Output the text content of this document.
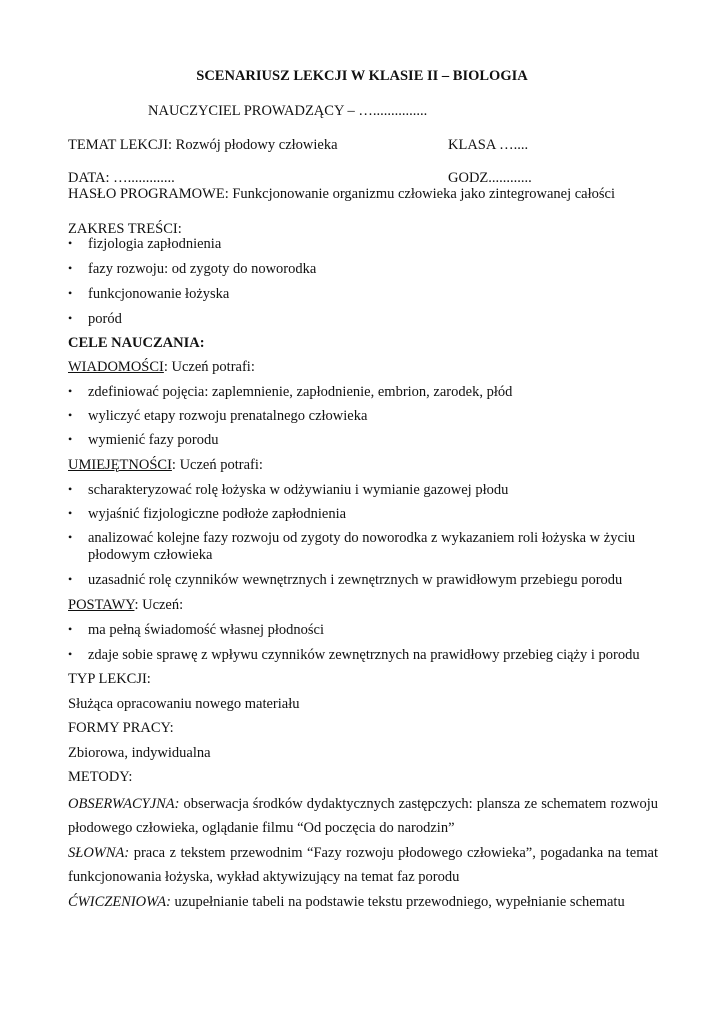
SCENARIUSZ LEKCJI W KLASIE II – BIOLOGIA
NAUCZYCIEL PROWADZĄCY – …...............
TEMAT LEKCJI: Rozwój płodowy człowieka	KLASA …....
DATA: ….............	GODZ............
HASŁO PROGRAMOWE: Funkcjonowanie organizmu człowieka jako zintegrowanej całości
ZAKRES TREŚCI:
• fizjologia zapłodnienia
• fazy rozwoju: od zygoty do noworodka
• funkcjonowanie łożyska
• poród
CELE NAUCZANIA:
WIADOMOŚCI: Uczeń potrafi:
• zdefiniować pojęcia: zaplemnienie, zapłodnienie, embrion, zarodek, płód
• wyliczyć etapy rozwoju prenatalnego człowieka
• wymienić fazy porodu
UMIEJĘTNOŚCI: Uczeń potrafi:
• scharakteryzować rolę łożyska w odżywianiu i wymianie gazowej płodu
• wyjaśnić fizjologiczne podłoże zapłodnienia
• analizować kolejne fazy rozwoju od zygoty do noworodka z wykazaniem roli łożyska w życiu płodowym człowieka
• uzasadnić rolę czynników wewnętrznych i zewnętrznych w prawidłowym przebiegu porodu
POSTAWY: Uczeń:
• ma pełną świadomość własnej płodności
• zdaje sobie sprawę z wpływu czynników zewnętrznych na prawidłowy przebieg ciąży i porodu
TYP LEKCJI:
Służąca opracowaniu nowego materiału
FORMY PRACY:
Zbiorowa, indywidualna
METODY:
OBSERWACYJNA: obserwacja środków dydaktycznych zastępczych: plansza ze schematem rozwoju płodowego człowieka, oglądanie filmu “Od poczęcia do narodzin”
SŁOWNA: praca z tekstem przewodnim “Fazy rozwoju płodowego człowieka”, pogadanka na temat funkcjonowania łożyska, wykład aktywizujący na temat faz porodu
ĆWICZENIOWA: uzupełnianie tabeli na podstawie tekstu przewodniego, wypełnianie schematu
